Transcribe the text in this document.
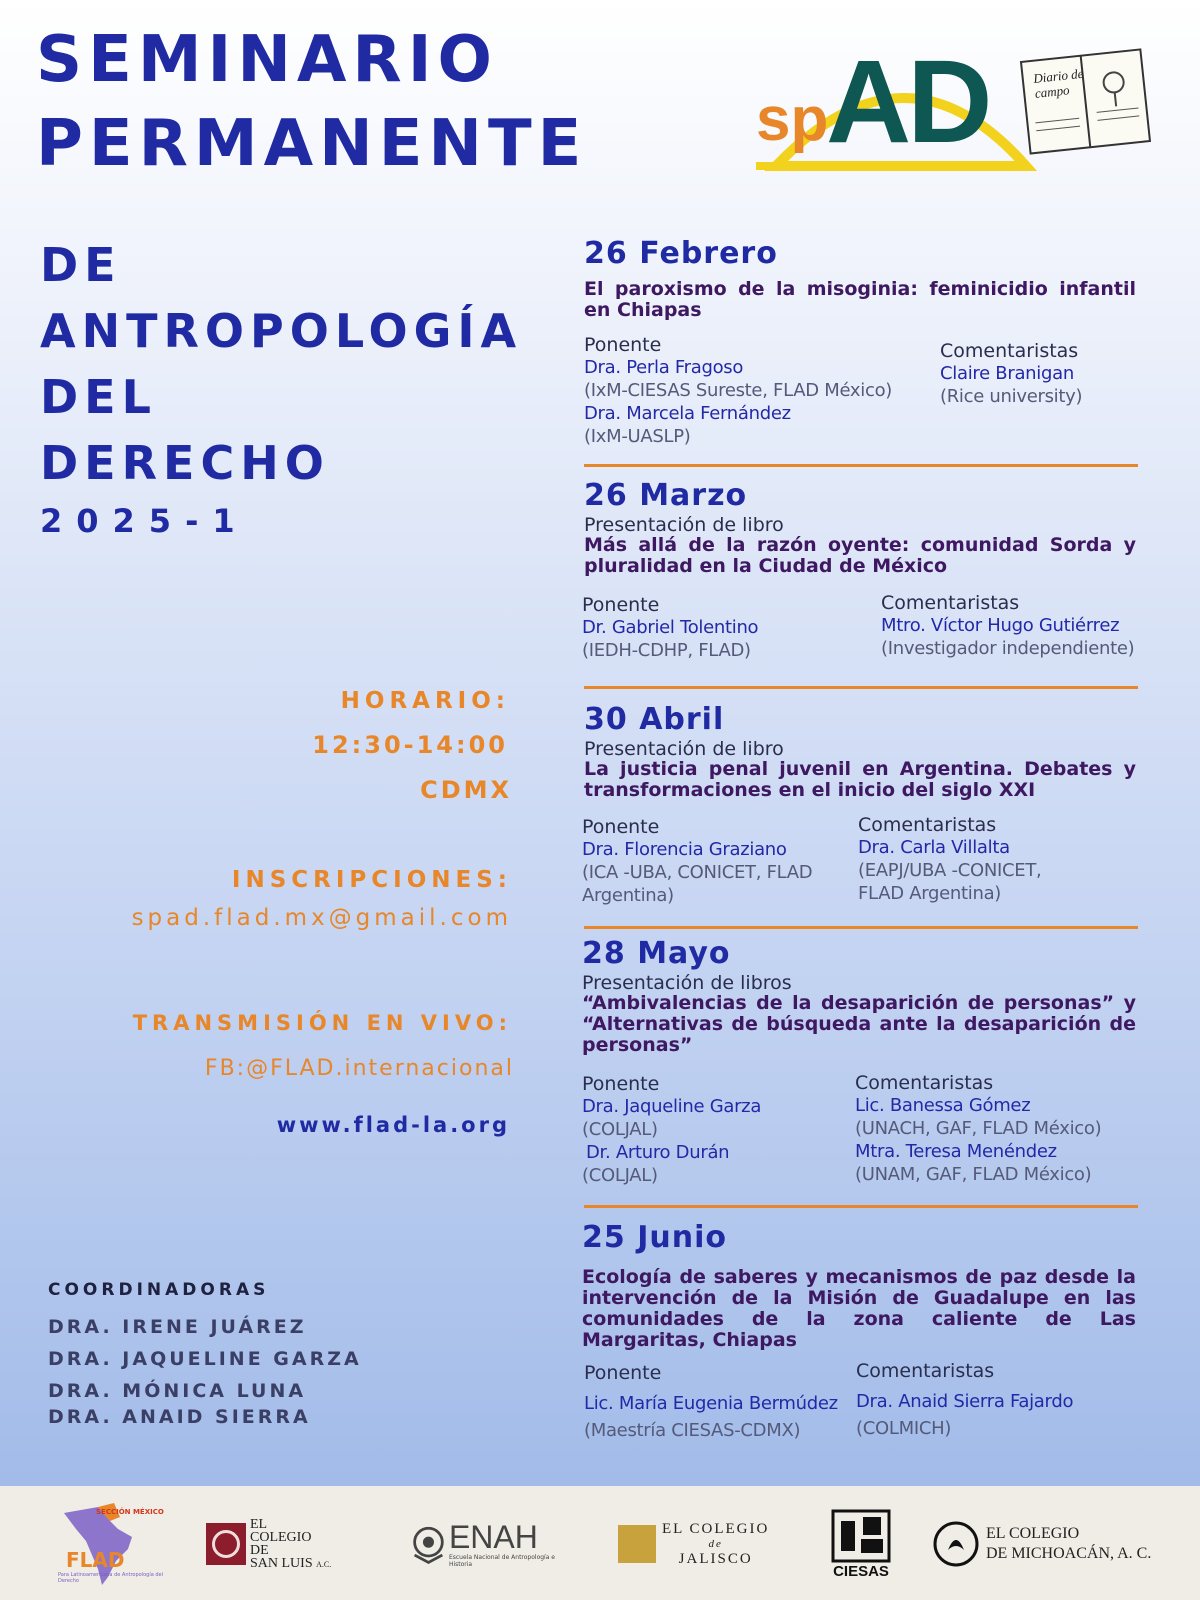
SEMINARIO
PERMANENTE
DE
ANTROPOLOGÍA
DEL
DERECHO
2025-1
sp
AD	Diario de campo
HORARIO:
12:30-14:00
CDMX
INSCRIPCIONES:
spad.flad.mx@gmail.com
TRANSMISIÓN EN VIVO:
FB:@FLAD.internacional
www.flad-la.org
COORDINADORAS
DRA. IRENE JUÁREZ
DRA. JAQUELINE GARZA
DRA. MÓNICA LUNA
DRA. ANAID SIERRA
26 Febrero
El paroxismo de la misoginia: feminicidio infantil en Chiapas
Ponente
Dra. Perla Fragoso
(IxM-CIESAS Sureste, FLAD México)
Dra. Marcela Fernández
(IxM-UASLP)
Comentaristas
Claire Branigan
(Rice university)
26 Marzo
Presentación de libro
Más allá de la razón oyente: comunidad Sorda y pluralidad en la Ciudad de México
Ponente
Dr. Gabriel Tolentino
(IEDH-CDHP, FLAD)
Comentaristas
Mtro. Víctor Hugo Gutiérrez
(Investigador independiente)
30 Abril
Presentación de libro
La justicia penal juvenil en Argentina. Debates y transformaciones en el inicio del siglo XXI
Ponente
Dra. Florencia Graziano
(ICA -UBA, CONICET, FLAD Argentina)
Comentaristas
Dra. Carla Villalta
(EAPJ/UBA -CONICET, FLAD Argentina)
28 Mayo
Presentación de libros
“Ambivalencias de la desaparición de personas” y “Alternativas de búsqueda ante la desaparición de personas”
Ponente
Dra. Jaqueline Garza
(COLJAL)
Dr. Arturo Durán
(COLJAL)
Comentaristas
Lic. Banessa Gómez
(UNACH, GAF, FLAD México)
Mtra. Teresa Menéndez
(UNAM, GAF, FLAD México)
25 Junio
Ecología de saberes y mecanismos de paz desde la intervención de la Misión de Guadalupe en las comunidades de la zona caliente de Las Margaritas, Chiapas
Ponente
Lic. María Eugenia Bermúdez
(Maestría CIESAS-CDMX)
Comentaristas
Dra. Anaid Sierra Fajardo
(COLMICH)
SECCIÓN MÉXICO
FLAD
Para Latinoamericana de Antropología del Derecho
EL
COLEGIO
DE
SAN LUIS A.C.
ENAH
Escuela Nacional de Antropología e Historia
EL COLEGIO
de
JALISCO
CIESAS
EL COLEGIO
DE MICHOACÁN, A. C.
